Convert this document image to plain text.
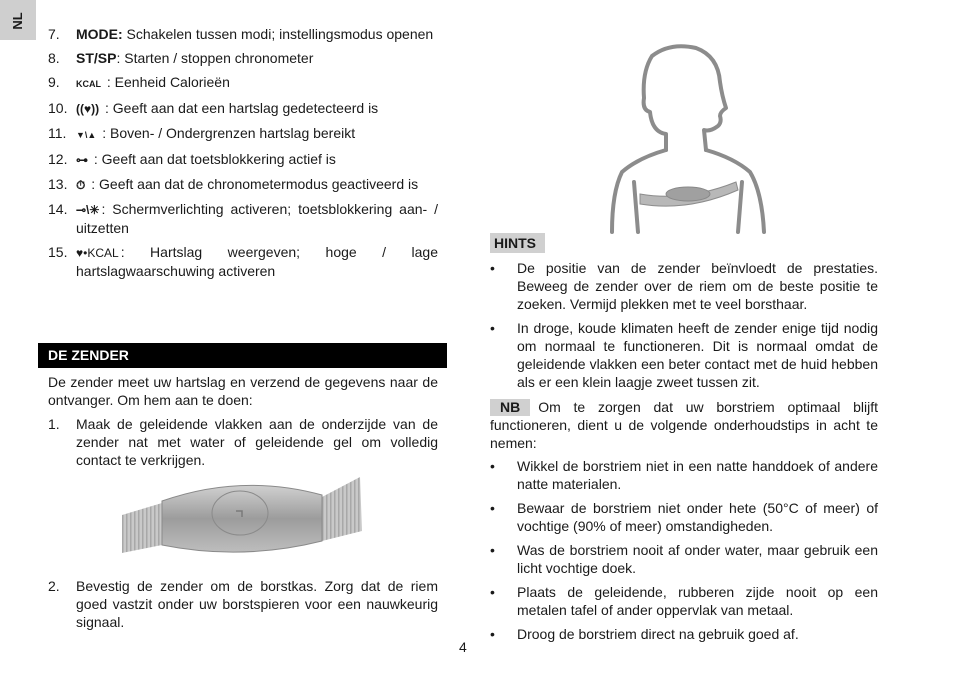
NL
7. MODE: Schakelen tussen modi; instellingsmodus openen
8. ST/SP: Starten / stoppen chronometer
9. KCAL : Eenheid Calorieën
10. ((♥)) : Geeft aan dat een hartslag gedetecteerd is
11. ▼\▲ : Boven- / Ondergrenzen hartslag bereikt
12. ⊶ : Geeft aan dat toetsblokkering actief is
13. ⏱ : Geeft aan dat de chronometermodus geactiveerd is
14. ⊸\✳ : Schermverlichting activeren; toetsblokkering aan- / uitzetten
15. ♥•KCAL : Hartslag weergeven; hoge / lage hartslagwaarschuwing activeren
DE ZENDER
De zender meet uw hartslag en verzend de gegevens naar de ontvanger. Om hem aan te doen:
1. Maak de geleidende vlakken aan de onderzijde van de zender nat met water of geleidende gel om volledig contact te verkrijgen.
2. Bevestig de zender om de borstkas. Zorg dat de riem goed vastzit onder uw borstspieren voor een nauwkeurig signaal.
HINTS
• De positie van de zender beïnvloedt de prestaties. Beweeg de zender over de riem om de beste positie te zoeken. Vermijd plekken met te veel borsthaar.
• In droge, koude klimaten heeft de zender enige tijd nodig om normaal te functioneren. Dit is normaal omdat de geleidende vlakken een beter contact met de huid hebben als er een klein laagje zweet tussen zit.
NB Om te zorgen dat uw borstriem optimaal blijft functioneren, dient u de volgende onderhoudstips in acht te nemen:
• Wikkel de borstriem niet in een natte handdoek of andere natte materialen.
• Bewaar de borstriem niet onder hete (50°C of meer) of vochtige (90% of meer) omstandigheden.
• Was de borstriem nooit af onder water, maar gebruik een licht vochtige doek.
• Plaats de geleidende, rubberen zijde nooit op een metalen tafel of ander oppervlak van metaal.
• Droog de borstriem direct na gebruik goed af.
4
